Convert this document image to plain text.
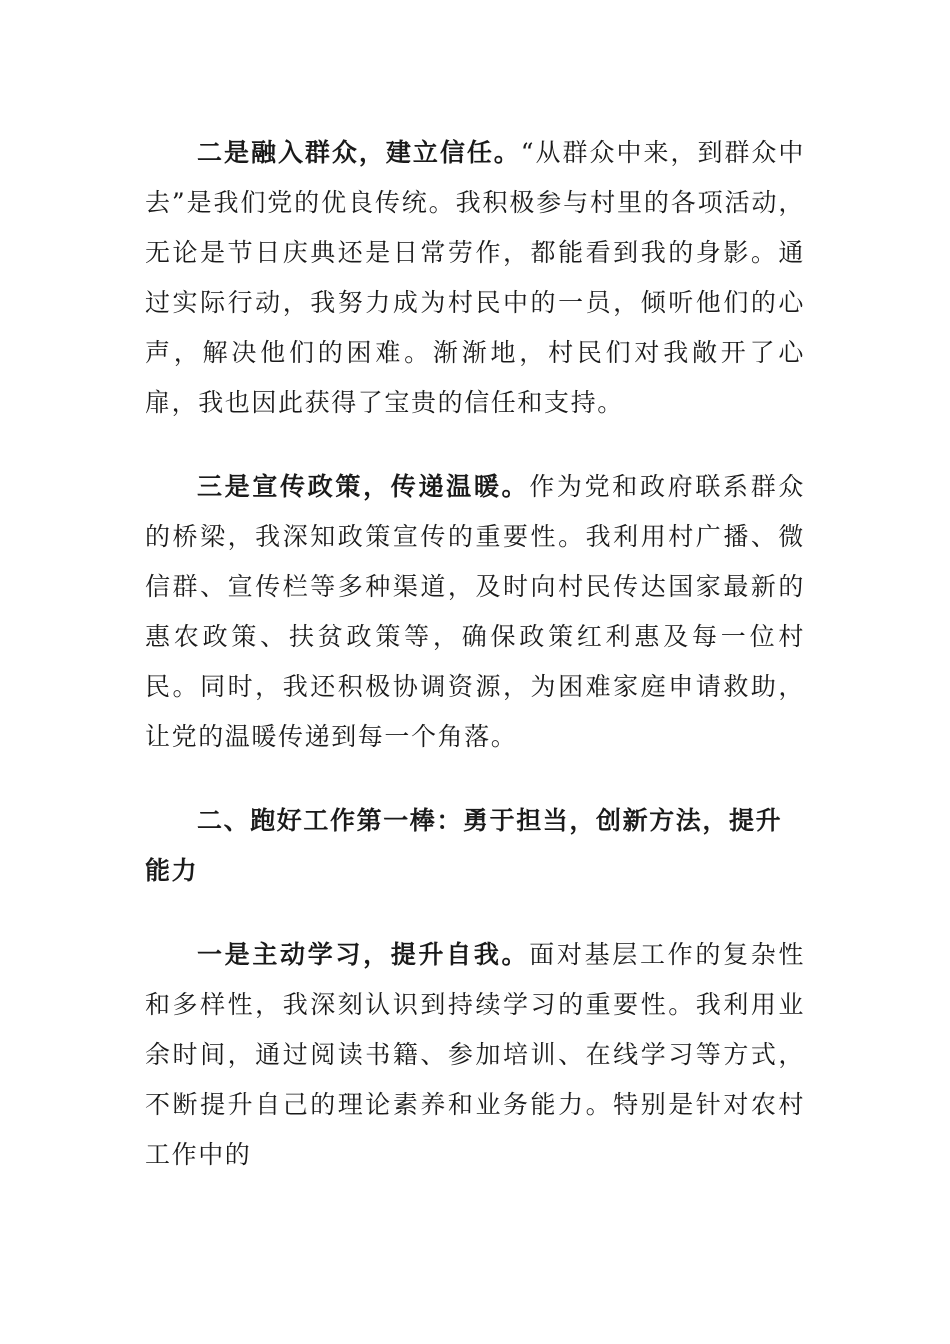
二是融入群众，建立信任。“从群众中来，到群众中去”是我们党的优良传统。我积极参与村里的各项活动，无论是节日庆典还是日常劳作，都能看到我的身影。通过实际行动，我努力成为村民中的一员，倾听他们的心声，解决他们的困难。渐渐地，村民们对我敞开了心扉，我也因此获得了宝贵的信任和支持。

三是宣传政策，传递温暖。作为党和政府联系群众的桥梁，我深知政策宣传的重要性。我利用村广播、微信群、宣传栏等多种渠道，及时向村民传达国家最新的惠农政策、扶贫政策等，确保政策红利惠及每一位村民。同时，我还积极协调资源，为困难家庭申请救助，让党的温暖传递到每一个角落。

二、跑好工作第一棒：勇于担当，创新方法，提升能力

一是主动学习，提升自我。面对基层工作的复杂性和多样性，我深刻认识到持续学习的重要性。我利用业余时间，通过阅读书籍、参加培训、在线学习等方式，不断提升自己的理论素养和业务能力。特别是针对农村工作中的
